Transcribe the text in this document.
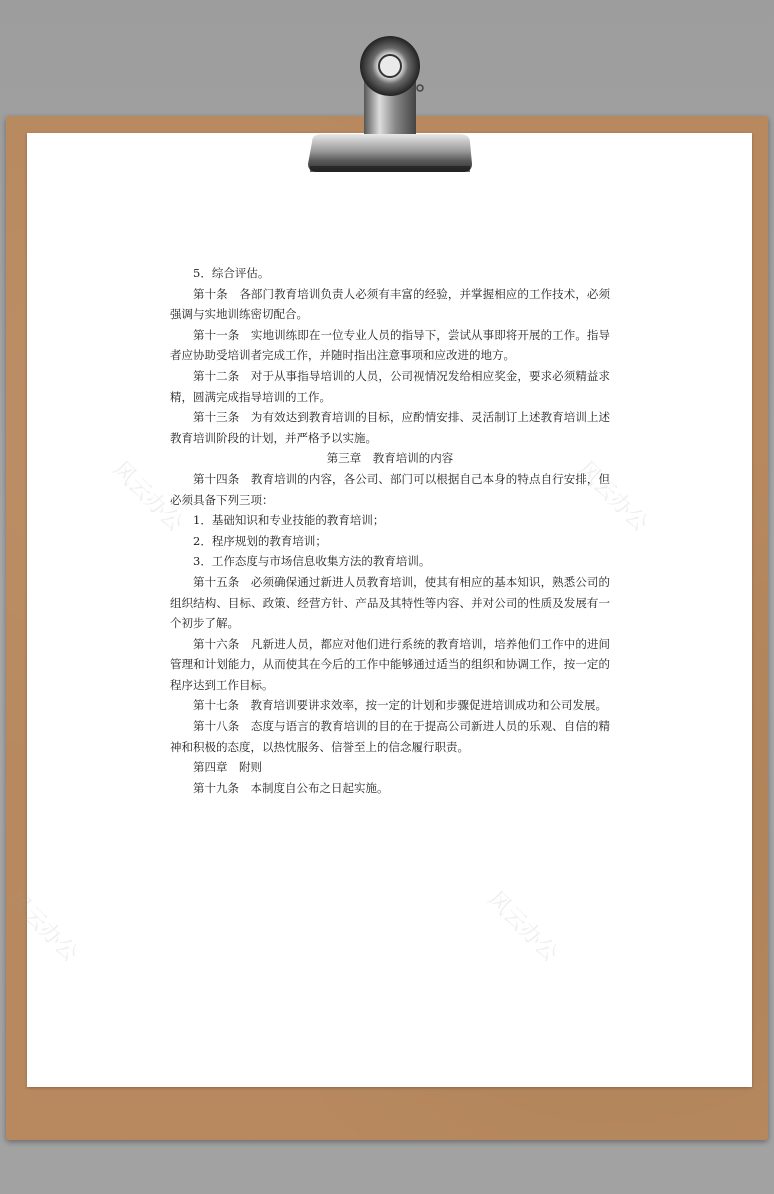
风云办公	风云办公
风云办公	风云办公

5．综合评估。

第十条　各部门教育培训负责人必须有丰富的经验，并掌握相应的工作技术，必须强调与实地训练密切配合。

第十一条　实地训练即在一位专业人员的指导下，尝试从事即将开展的工作。指导者应协助受培训者完成工作，并随时指出注意事项和应改进的地方。

第十二条　对于从事指导培训的人员，公司视情况发给相应奖金，要求必须精益求精，圆满完成指导培训的工作。

第十三条　为有效达到教育培训的目标，应酌情安排、灵活制订上述教育培训上述教育培训阶段的计划，并严格予以实施。

第三章　教育培训的内容

第十四条　教育培训的内容，各公司、部门可以根据自己本身的特点自行安排，但必须具备下列三项：

1．基础知识和专业技能的教育培训；

2．程序规划的教育培训；

3．工作态度与市场信息收集方法的教育培训。

第十五条　必须确保通过新进人员教育培训，使其有相应的基本知识，熟悉公司的组织结构、目标、政策、经营方针、产品及其特性等内容、并对公司的性质及发展有一个初步了解。

第十六条　凡新进人员，都应对他们进行系统的教育培训，培养他们工作中的进间管理和计划能力，从而使其在今后的工作中能够通过适当的组织和协调工作，按一定的程序达到工作目标。

第十七条　教育培训要讲求效率，按一定的计划和步骤促进培训成功和公司发展。

第十八条　态度与语言的教育培训的目的在于提高公司新进人员的乐观、自信的精神和积极的态度，以热忱服务、信誉至上的信念履行职责。

第四章　附则

第十九条　本制度自公布之日起实施。
